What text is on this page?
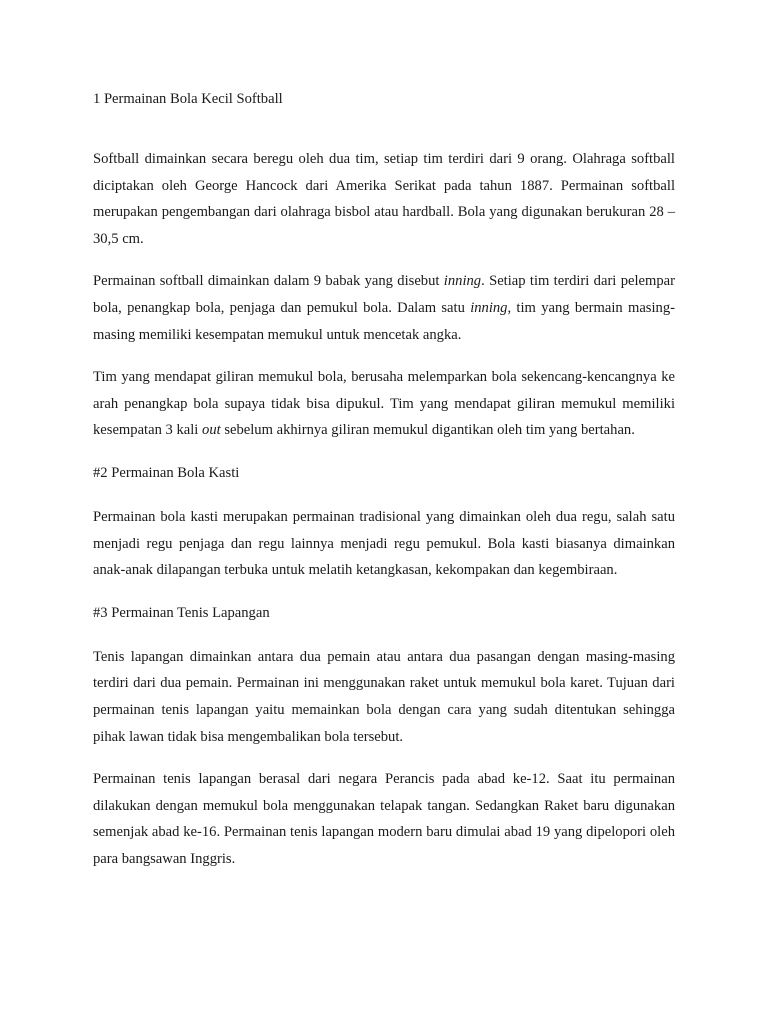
1 Permainan Bola Kecil Softball

Softball dimainkan secara beregu oleh dua tim, setiap tim terdiri dari 9 orang. Olahraga softball diciptakan oleh George Hancock dari Amerika Serikat pada tahun 1887. Permainan softball merupakan pengembangan dari olahraga bisbol atau hardball. Bola yang digunakan berukuran 28 – 30,5 cm.

Permainan softball dimainkan dalam 9 babak yang disebut inning. Setiap tim terdiri dari pelempar bola, penangkap bola, penjaga dan pemukul bola. Dalam satu inning, tim yang bermain masing-masing memiliki kesempatan memukul untuk mencetak angka.

Tim yang mendapat giliran memukul bola, berusaha melemparkan bola sekencang-kencangnya ke arah penangkap bola supaya tidak bisa dipukul. Tim yang mendapat giliran memukul memiliki kesempatan 3 kali out sebelum akhirnya giliran memukul digantikan oleh tim yang bertahan.

#2 Permainan Bola Kasti

Permainan bola kasti merupakan permainan tradisional yang dimainkan oleh dua regu, salah satu menjadi regu penjaga dan regu lainnya menjadi regu pemukul. Bola kasti biasanya dimainkan anak-anak dilapangan terbuka untuk melatih ketangkasan, kekompakan dan kegembiraan.

#3 Permainan Tenis Lapangan

Tenis lapangan dimainkan antara dua pemain atau antara dua pasangan dengan masing-masing terdiri dari dua pemain. Permainan ini menggunakan raket untuk memukul bola karet. Tujuan dari permainan tenis lapangan yaitu memainkan bola dengan cara yang sudah ditentukan sehingga pihak lawan tidak bisa mengembalikan bola tersebut.

Permainan tenis lapangan berasal dari negara Perancis pada abad ke-12. Saat itu permainan dilakukan dengan memukul bola menggunakan telapak tangan. Sedangkan Raket baru digunakan semenjak abad ke-16. Permainan tenis lapangan modern baru dimulai abad 19 yang dipelopori oleh para bangsawan Inggris.
